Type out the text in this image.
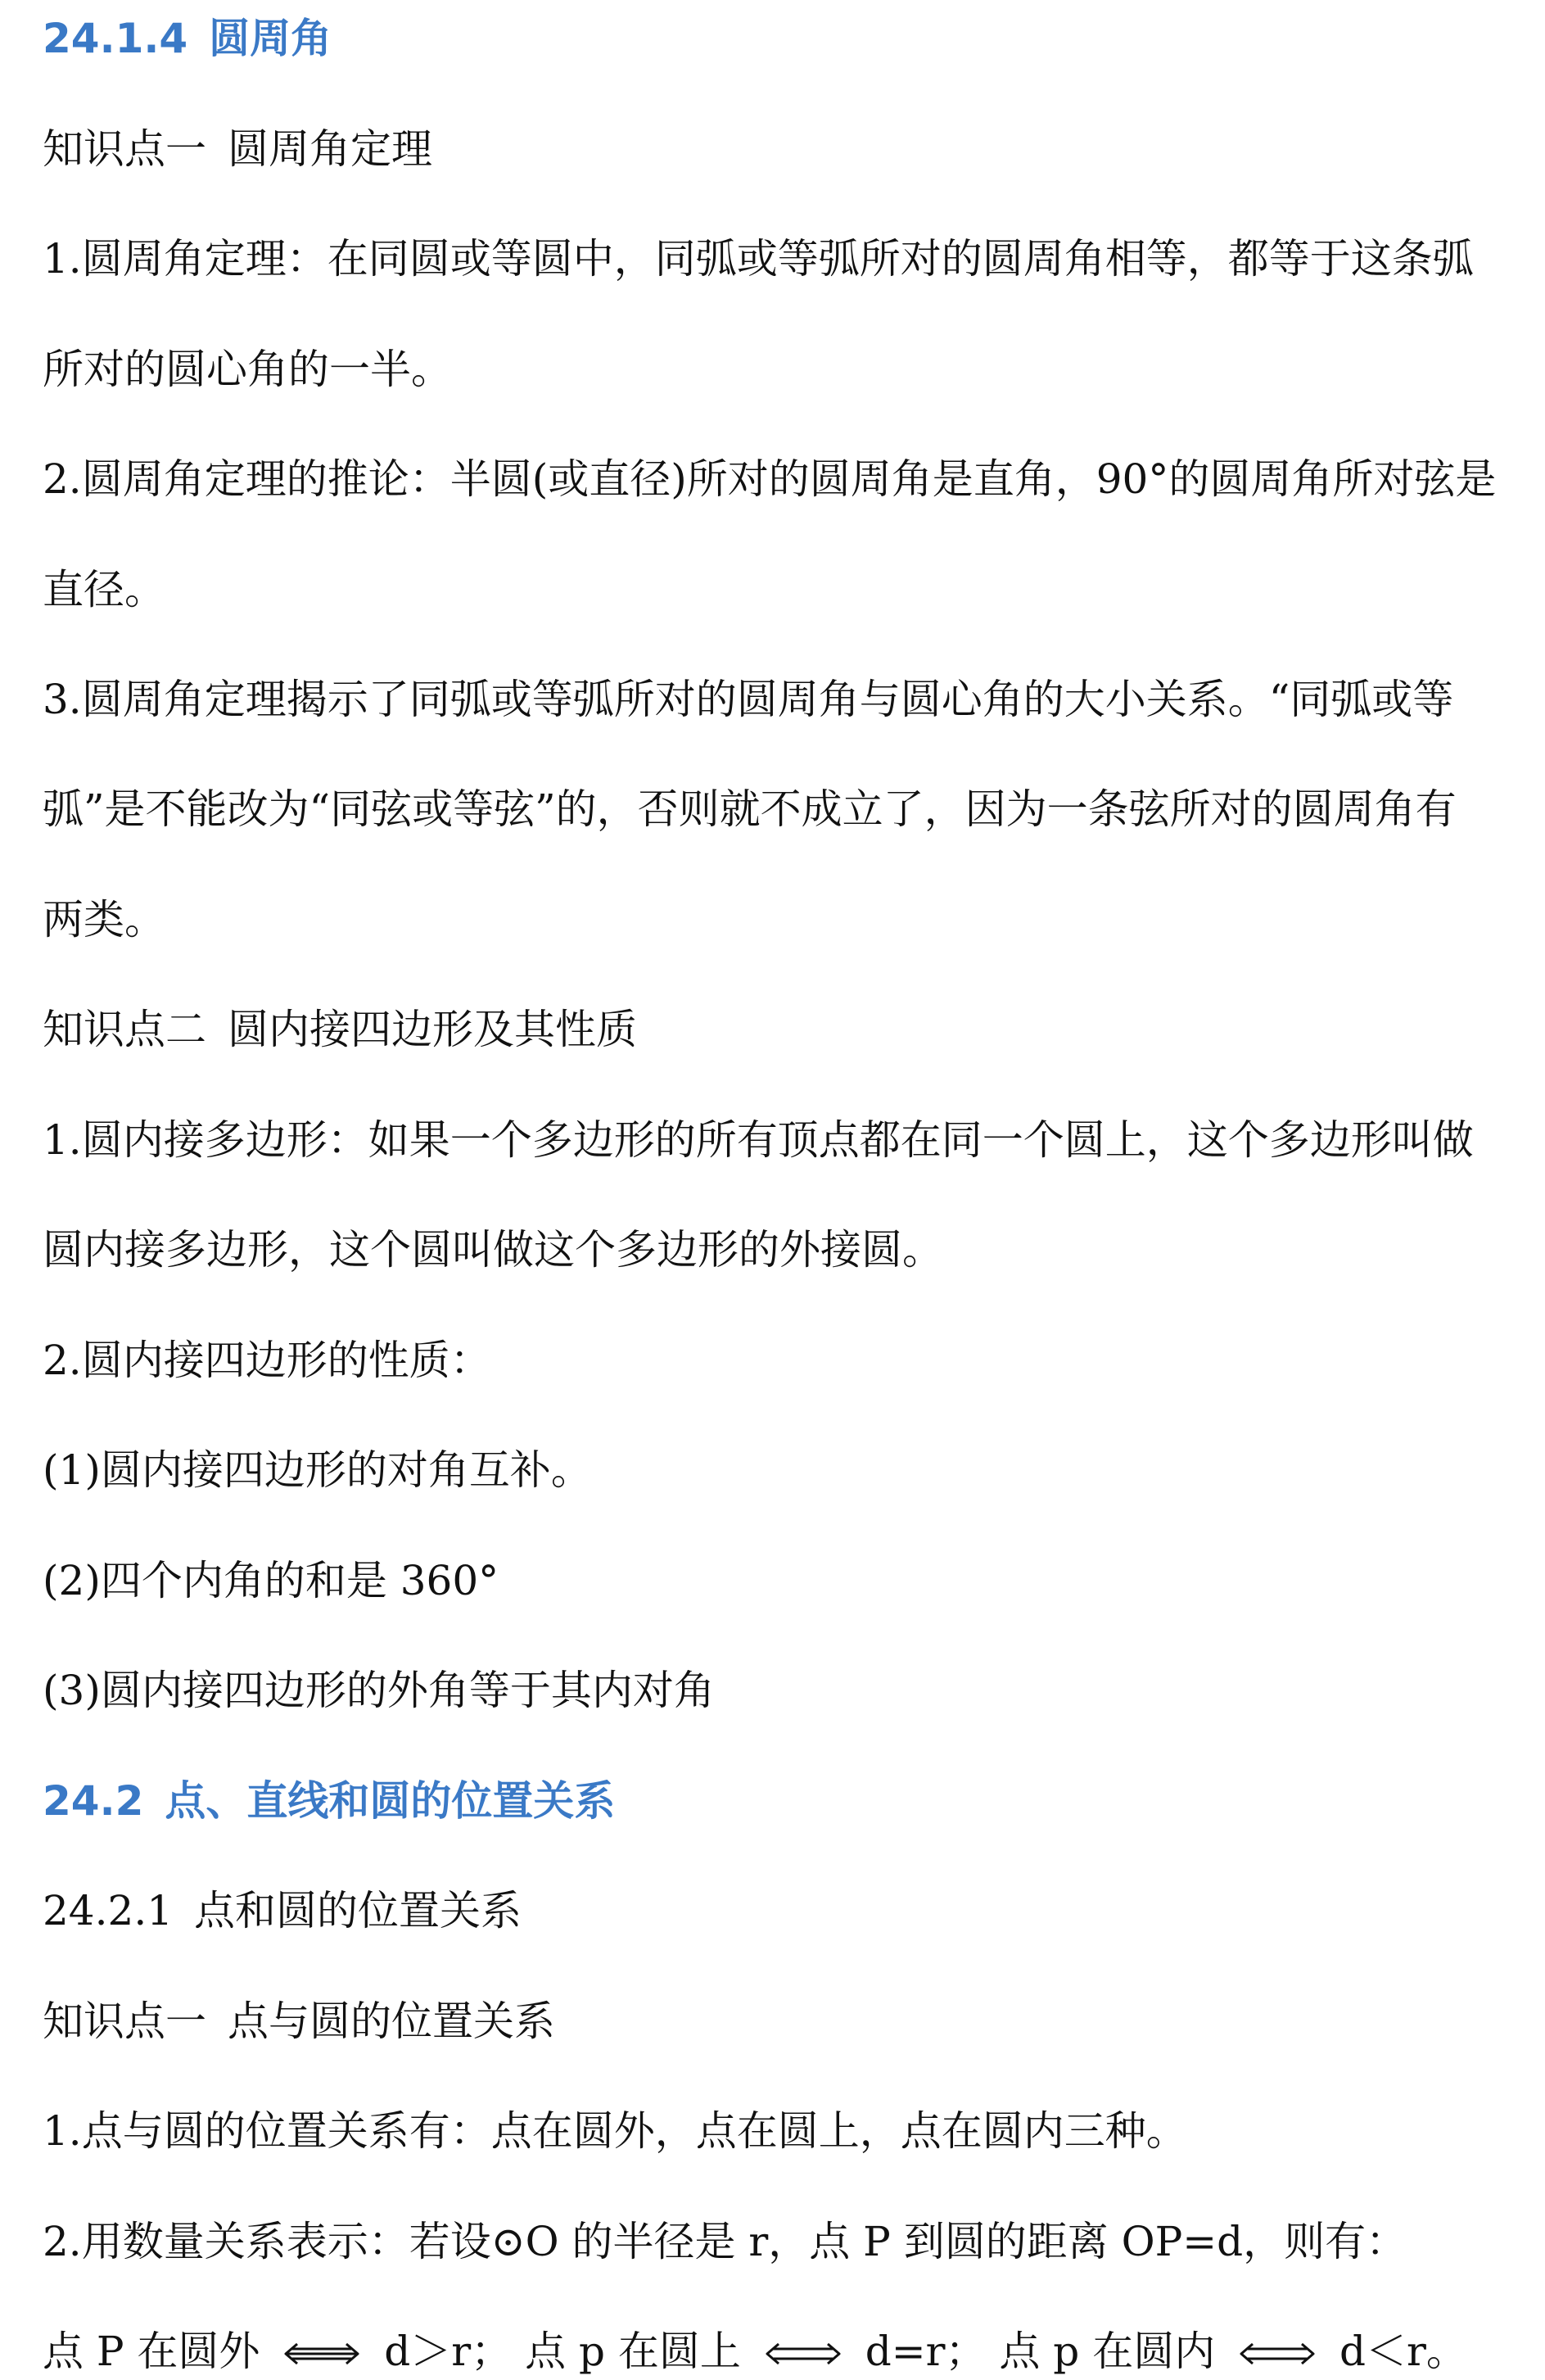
24.1.4 圆周角
知识点一 圆周角定理
1.圆周角定理：在同圆或等圆中，同弧或等弧所对的圆周角相等，都等于这条弧
所对的圆心角的一半。
2.圆周角定理的推论：半圆(或直径)所对的圆周角是直角，90°的圆周角所对弦是
直径。
3.圆周角定理揭示了同弧或等弧所对的圆周角与圆心角的大小关系。“同弧或等
弧”是不能改为“同弦或等弦”的，否则就不成立了，因为一条弦所对的圆周角有
两类。
知识点二 圆内接四边形及其性质
1.圆内接多边形：如果一个多边形的所有顶点都在同一个圆上，这个多边形叫做
圆内接多边形，这个圆叫做这个多边形的外接圆。
2.圆内接四边形的性质：
(1)圆内接四边形的对角互补。
(2)四个内角的和是 360°
(3)圆内接四边形的外角等于其内对角
24.2 点、直线和圆的位置关系
24.2.1 点和圆的位置关系
知识点一 点与圆的位置关系
1.点与圆的位置关系有：点在圆外，点在圆上，点在圆内三种。
2.用数量关系表示：若设⊙O 的半径是 r，点 P 到圆的距离 OP=d，则有：
点 P 在圆外	d＞r； 点 p 在圆上	d=r； 点 p 在圆内	d＜r。
